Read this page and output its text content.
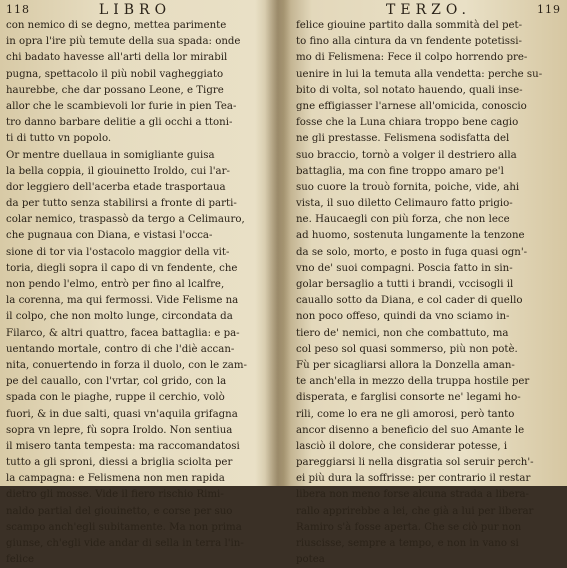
118	LIBRO
con nemico di se degno, mettea parimente
in opra l'ire più temute della sua spada: onde
chi badato havesse all'arti della lor mirabil
pugna, spettacolo il più nobil vagheggiato
haurebbe, che dar possano Leone, e Tigre
allor che le scambievoli lor furie in pien Tea-
tro danno barbare delitie a gli occhi a ttoni-
ti di tutto vn popolo.
Or mentre duellaua in somigliante guisa
la bella coppia, il giouinetto Iroldo, cui l'ar-
dor leggiero dell'acerba etade trasportaua
da per tutto senza stabilirsi a fronte di parti-
colar nemico, traspassò da tergo a Celimauro,
che pugnaua con Diana, e vistasi l'occa-
sione di tor via l'ostacolo maggior della vit-
toria, diegli sopra il capo di vn fendente, che
non pendo l'elmo, entrò per fino al lcalfre,
la corenna, ma qui fermossi. Vide Felisme na
il colpo, che non molto lunge, circondata da
Filarco, & altri quattro, facea battaglia: e pa-
uentando mortale, contro di che l'diè accan-
nita, conuertendo in forza il duolo, con le zam-
pe del cauallo, con l'vrtar, col grido, con la
spada con le piaghe, ruppe il cerchio, volò
fuori, & in due salti, quasi vn'aquila grifagna
sopra vn lepre, fù sopra Iroldo. Non sentiua
il misero tanta tempesta: ma raccomandatosi
tutto a gli sproni, diessi a briglia sciolta per
la campagna: e Felismena non men rapida
dietro gli mosse. Vide il fiero rischio Rimi-
naldo partial del giouinetto, e corse per suo
scampo anch'egli subitamente. Ma non prima
giunse, ch'egli vide andar di sella in terra l'in-
felice
TERZO.	119
felice giouine partito dalla sommità del pet-
to fino alla cintura da vn fendente potetissi-
mo di Felismena: Fece il colpo horrendo pre-
uenire in lui la temuta alla vendetta: perche su-
bito di volta, sol notato hauendo, quali inse-
gne effigiasser l'arnese all'omicida, conoscio
fosse che la Luna chiara troppo bene cagio
ne gli prestasse. Felismena sodisfatta del
suo braccio, tornò a volger il destriero alla
battaglia, ma con fine troppo amaro pe'l
suo cuore la trouò fornita, poiche, vide, ahi
vista, il suo diletto Celimauro fatto prigio-
ne. Haucaegli con più forza, che non lece
ad huomo, sostenuta lungamente la tenzone
da se solo, morto, e posto in fuga quasi ogn'-
vno de' suoi compagni. Poscia fatto in sin-
golar bersaglio a tutti i brandi, vccisogli il
cauallo sotto da Diana, e col cader di quello
non poco offeso, quindi da vno sciamo in-
tiero de' nemici, non che combattuto, ma
col peso sol quasi sommerso, più non potè.
Fù per sicagliarsi allora la Donzella aman-
te anch'ella in mezzo della truppa hostile per
disperata, e farglisi consorte ne' legami ho-
rili, come lo era ne gli amorosi, però tanto
ancor disenno a beneficio del suo Amante le
lasciò il dolore, che considerar potesse, i
pareggiarsi li nella disgratia sol seruir perch'-
ei più dura la soffrisse: per contrario il restar
libera non meno forse alcuna strada a libera-
rallo apprirebbe a lei, che già a lui per liberar
Ramiro s'à fosse aperta. Che se ciò pur non
riuscisse, sempre a tempo, e non in vano si
potea
